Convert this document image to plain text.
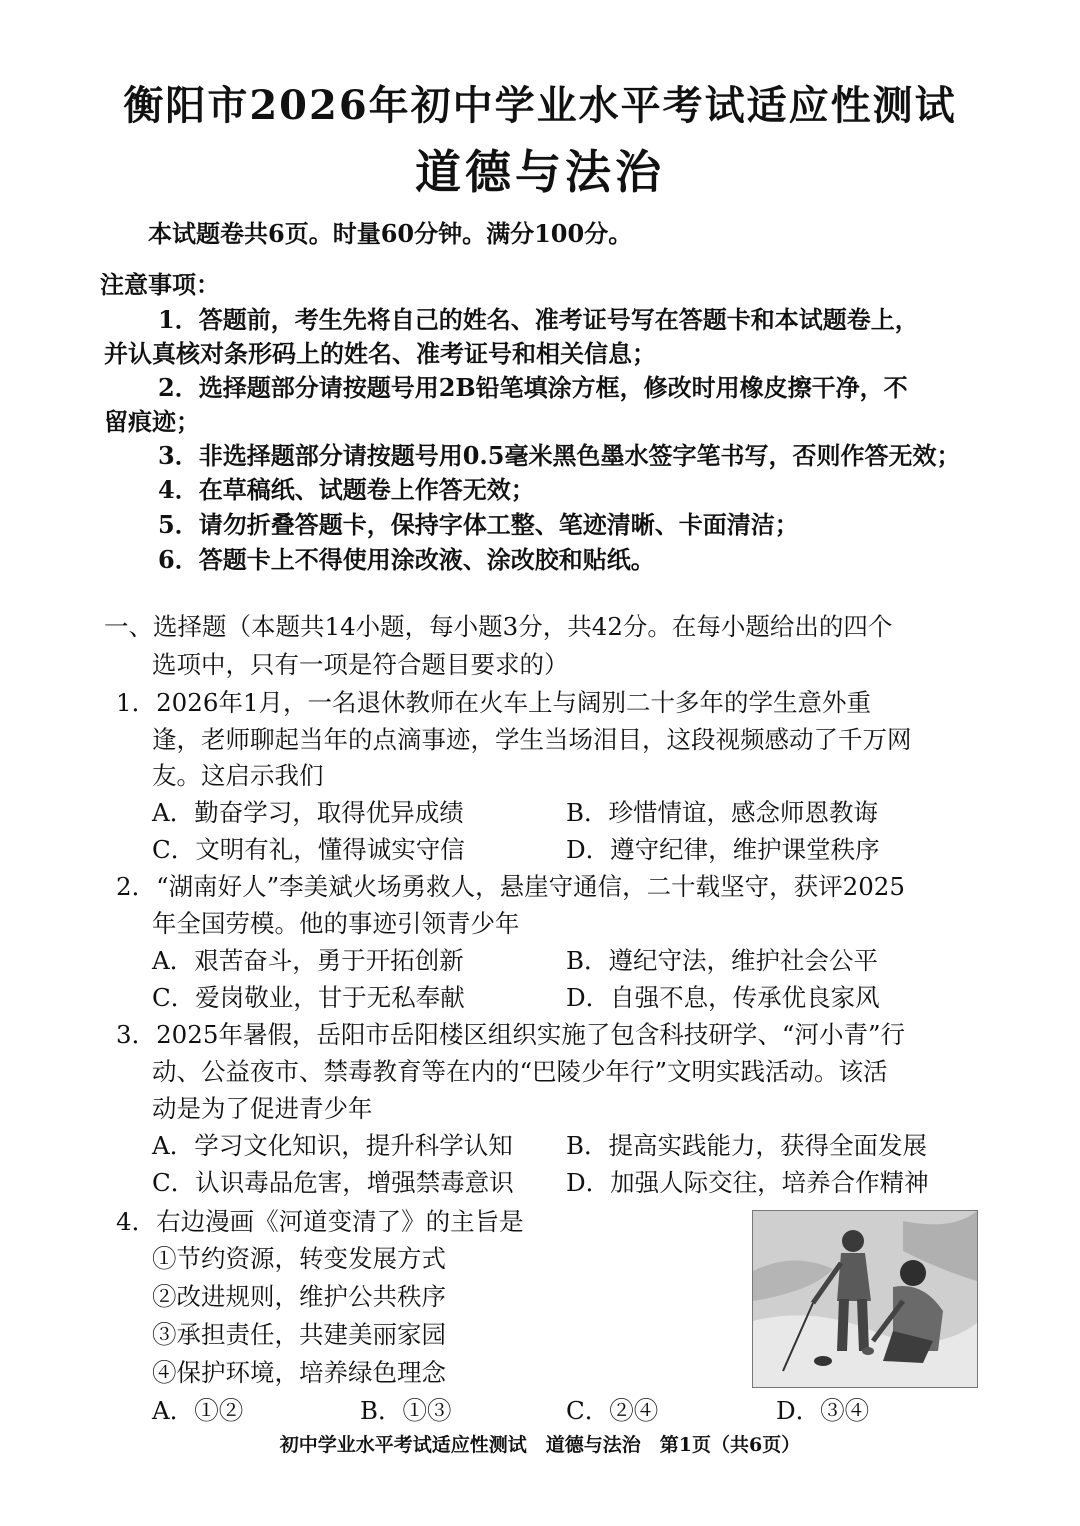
衡阳市2026年初中学业水平考试适应性测试
道德与法治
本试题卷共6页。时量60分钟。满分100分。
注意事项：
1．答题前，考生先将自己的姓名、准考证号写在答题卡和本试题卷上，
并认真核对条形码上的姓名、准考证号和相关信息；
2．选择题部分请按题号用2B铅笔填涂方框，修改时用橡皮擦干净，不
留痕迹；
3．非选择题部分请按题号用0.5毫米黑色墨水签字笔书写，否则作答无效；
4．在草稿纸、试题卷上作答无效；
5．请勿折叠答题卡，保持字体工整、笔迹清晰、卡面清洁；
6．答题卡上不得使用涂改液、涂改胶和贴纸。
一、选择题（本题共14小题，每小题3分，共42分。在每小题给出的四个
选项中，只有一项是符合题目要求的）
1．2026年1月，一名退休教师在火车上与阔别二十多年的学生意外重
逢，老师聊起当年的点滴事迹，学生当场泪目，这段视频感动了千万网
友。这启示我们
A．勤奋学习，取得优异成绩	B．珍惜情谊，感念师恩教诲
C．文明有礼，懂得诚实守信	D．遵守纪律，维护课堂秩序
2．“湖南好人”李美斌火场勇救人，悬崖守通信，二十载坚守，获评2025
年全国劳模。他的事迹引领青少年
A．艰苦奋斗，勇于开拓创新	B．遵纪守法，维护社会公平
C．爱岗敬业，甘于无私奉献	D．自强不息，传承优良家风
3．2025年暑假，岳阳市岳阳楼区组织实施了包含科技研学、“河小青”行
动、公益夜市、禁毒教育等在内的“巴陵少年行”文明实践活动。该活
动是为了促进青少年
A．学习文化知识，提升科学认知 B．提高实践能力，获得全面发展
C．认识毒品危害，增强禁毒意识 D．加强人际交往，培养合作精神
4．右边漫画《河道变清了》的主旨是
①节约资源，转变发展方式
②改进规则，维护公共秩序
③承担责任，共建美丽家园
④保护环境，培养绿色理念
A．①②	B．①③	C．②④	D．③④
初中学业水平考试适应性测试　道德与法治　第1页（共6页）
